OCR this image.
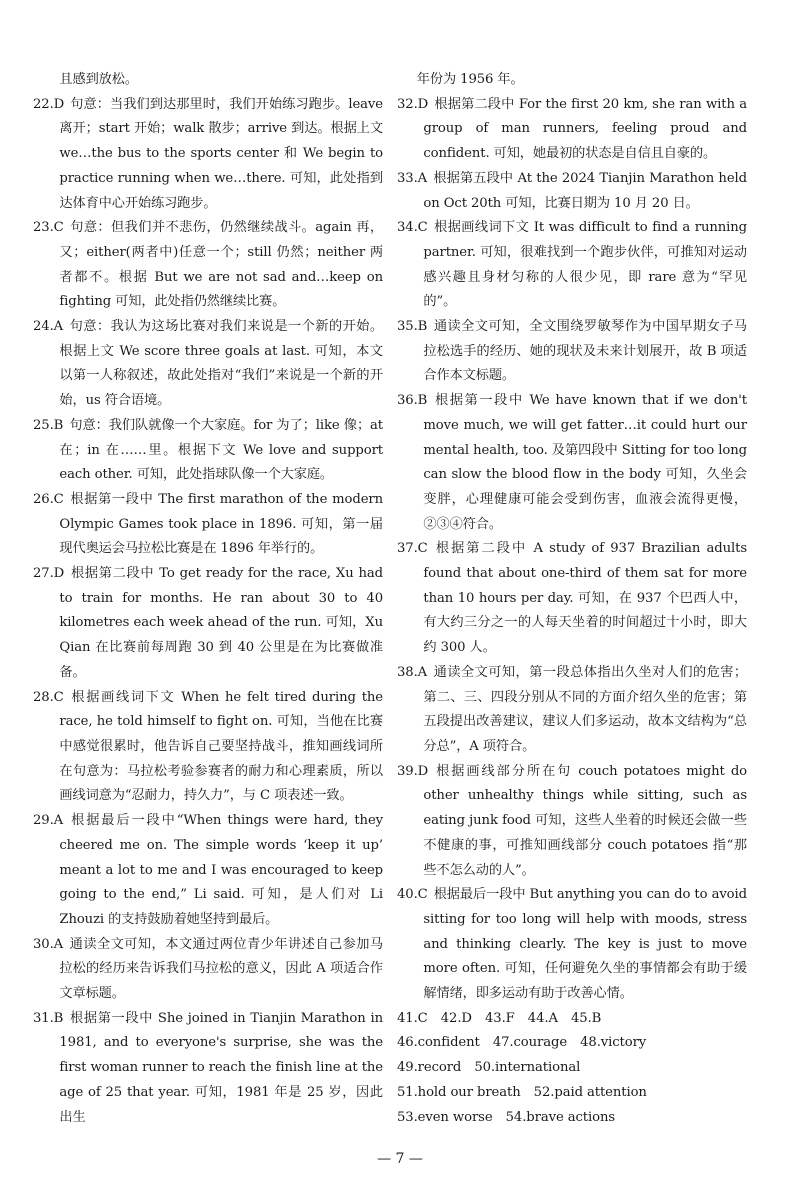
且感到放松。

22.D 句意：当我们到达那里时，我们开始练习跑步。leave 离开；start 开始；walk 散步；arrive 到达。根据上文 we…the bus to the sports center 和 We begin to practice running when we…there. 可知，此处指到达体育中心开始练习跑步。

23.C 句意：但我们并不悲伤，仍然继续战斗。again 再，又；either(两者中)任意一个；still 仍然；neither 两者都不。根据 But we are not sad and…keep on fighting 可知，此处指仍然继续比赛。

24.A 句意：我认为这场比赛对我们来说是一个新的开始。根据上文 We score three goals at last. 可知，本文以第一人称叙述，故此处指对“我们”来说是一个新的开始，us 符合语境。

25.B 句意：我们队就像一个大家庭。for 为了；like 像；at 在；in 在……里。根据下文 We love and support each other. 可知，此处指球队像一个大家庭。

26.C 根据第一段中 The first marathon of the modern Olympic Games took place in 1896. 可知，第一届现代奥运会马拉松比赛是在 1896 年举行的。

27.D 根据第二段中 To get ready for the race, Xu had to train for months. He ran about 30 to 40 kilometres each week ahead of the run. 可知，Xu Qian 在比赛前每周跑 30 到 40 公里是在为比赛做准备。

28.C 根据画线词下文 When he felt tired during the race, he told himself to fight on. 可知，当他在比赛中感觉很累时，他告诉自己要坚持战斗，推知画线词所在句意为：马拉松考验参赛者的耐力和心理素质，所以画线词意为“忍耐力，持久力”，与 C 项表述一致。

29.A 根据最后一段中“When things were hard, they cheered me on. The simple words ‘keep it up’ meant a lot to me and I was encouraged to keep going to the end,” Li said. 可知，是人们对 Li Zhouzi 的支持鼓励着她坚持到最后。

30.A 通读全文可知，本文通过两位青少年讲述自己参加马拉松的经历来告诉我们马拉松的意义，因此 A 项适合作文章标题。

31.B 根据第一段中 She joined in Tianjin Marathon in 1981, and to everyone's surprise, she was the first woman runner to reach the finish line at the age of 25 that year. 可知，1981 年是 25 岁，因此出生

年份为 1956 年。

32.D 根据第二段中 For the first 20 km, she ran with a group of man runners, feeling proud and confident. 可知，她最初的状态是自信且自豪的。

33.A 根据第五段中 At the 2024 Tianjin Marathon held on Oct 20th 可知，比赛日期为 10 月 20 日。

34.C 根据画线词下文 It was difficult to find a running partner. 可知，很难找到一个跑步伙伴，可推知对运动感兴趣且身材匀称的人很少见，即 rare 意为“罕见的”。

35.B 通读全文可知，全文围绕罗敏琴作为中国早期女子马拉松选手的经历、她的现状及未来计划展开，故 B 项适合作本文标题。

36.B 根据第一段中 We have known that if we don't move much, we will get fatter…it could hurt our mental health, too. 及第四段中 Sitting for too long can slow the blood flow in the body 可知，久坐会变胖，心理健康可能会受到伤害，血液会流得更慢，②③④符合。

37.C 根据第二段中 A study of 937 Brazilian adults found that about one-third of them sat for more than 10 hours per day. 可知，在 937 个巴西人中，有大约三分之一的人每天坐着的时间超过十小时，即大约 300 人。

38.A 通读全文可知，第一段总体指出久坐对人们的危害；第二、三、四段分别从不同的方面介绍久坐的危害；第五段提出改善建议，建议人们多运动，故本文结构为“总分总”，A 项符合。

39.D 根据画线部分所在句 couch potatoes might do other unhealthy things while sitting, such as eating junk food 可知，这些人坐着的时候还会做一些不健康的事，可推知画线部分 couch potatoes 指“那些不怎么动的人”。

40.C 根据最后一段中 But anything you can do to avoid sitting for too long will help with moods, stress and thinking clearly. The key is just to move more often. 可知，任何避免久坐的事情都会有助于缓解情绪，即多运动有助于改善心情。

41.C　42.D　43.F　44.A　45.B

46.confident　47.courage　48.victory

49.record　50.international

51.hold our breath　52.paid attention

53.even worse　54.brave actions

— 7 —
